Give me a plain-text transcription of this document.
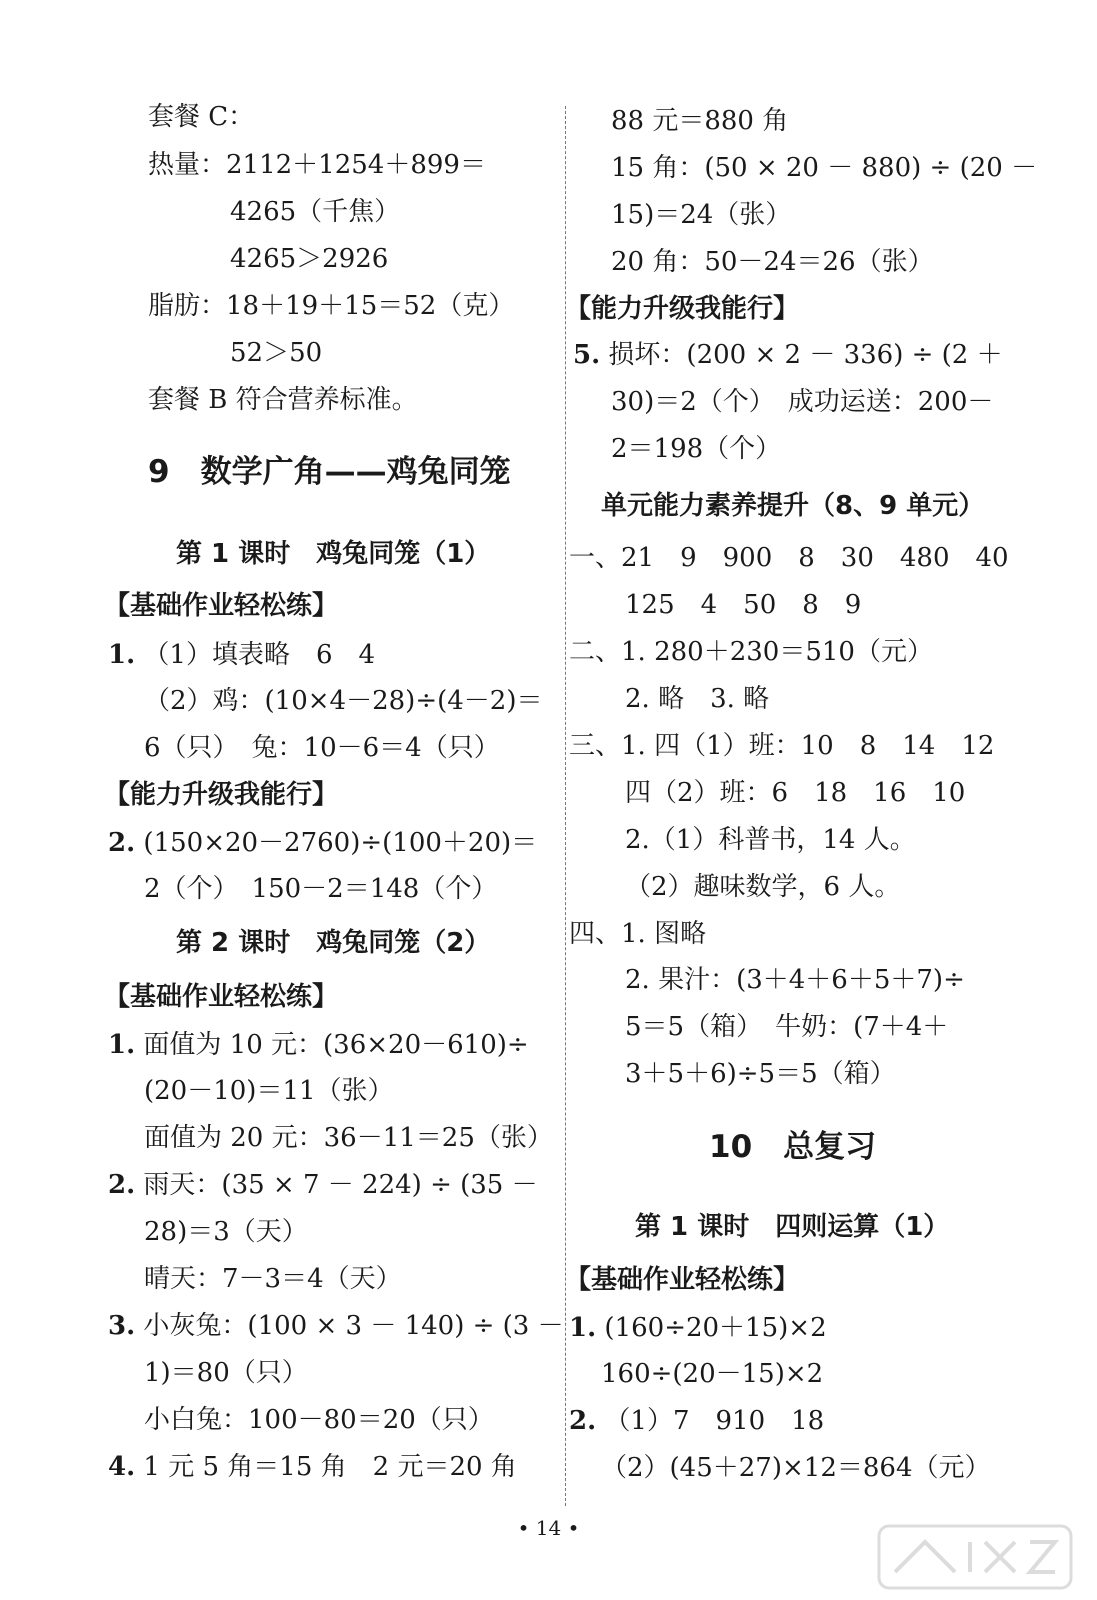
套餐 C：
热量：2112＋1254＋899＝
4265（千焦）
4265＞2926
脂肪：18＋19＋15＝52（克）
52＞50
套餐 B 符合营养标准。
9　数学广角——鸡兔同笼
第 1 课时　鸡兔同笼（1）
【基础作业轻松练】
1. （1）填表略　6　4
（2）鸡：(10×4－28)÷(4－2)＝
6（只）　兔：10－6＝4（只）
【能力升级我能行】
2. (150×20－2760)÷(100＋20)＝
2（个）　150－2＝148（个）
第 2 课时　鸡兔同笼（2）
【基础作业轻松练】
1. 面值为 10 元：(36×20－610)÷
(20－10)＝11（张）
面值为 20 元：36－11＝25（张）
2. 雨天：(35 × 7 － 224) ÷ (35 －
28)＝3（天）
晴天：7－3＝4（天）
3. 小灰兔：(100 × 3 － 140) ÷ (3 －
1)＝80（只）
小白兔：100－80＝20（只）
4. 1 元 5 角＝15 角　2 元＝20 角
88 元＝880 角
15 角：(50 × 20 － 880) ÷ (20 －
15)＝24（张）
20 角：50－24＝26（张）
【能力升级我能行】
5. 损坏：(200 × 2 － 336) ÷ (2 ＋
30)＝2（个）　成功运送：200－
2＝198（个）
单元能力素养提升（8、9 单元）
一、21　9　900　8　30　480　40
125　4　50　8　9
二、1. 280＋230＝510（元）
2. 略　3. 略
三、1. 四（1）班：10　8　14　12
四（2）班：6　18　16　10
2.（1）科普书，14 人。
（2）趣味数学，6 人。
四、1. 图略
2. 果汁：(3＋4＋6＋5＋7)÷
5＝5（箱）　牛奶：(7＋4＋
3＋5＋6)÷5＝5（箱）
10　总复习
第 1 课时　四则运算（1）
【基础作业轻松练】
1. (160÷20＋15)×2
160÷(20－15)×2
2. （1）7　910　18
（2）(45＋27)×12＝864（元）
• 14 •
